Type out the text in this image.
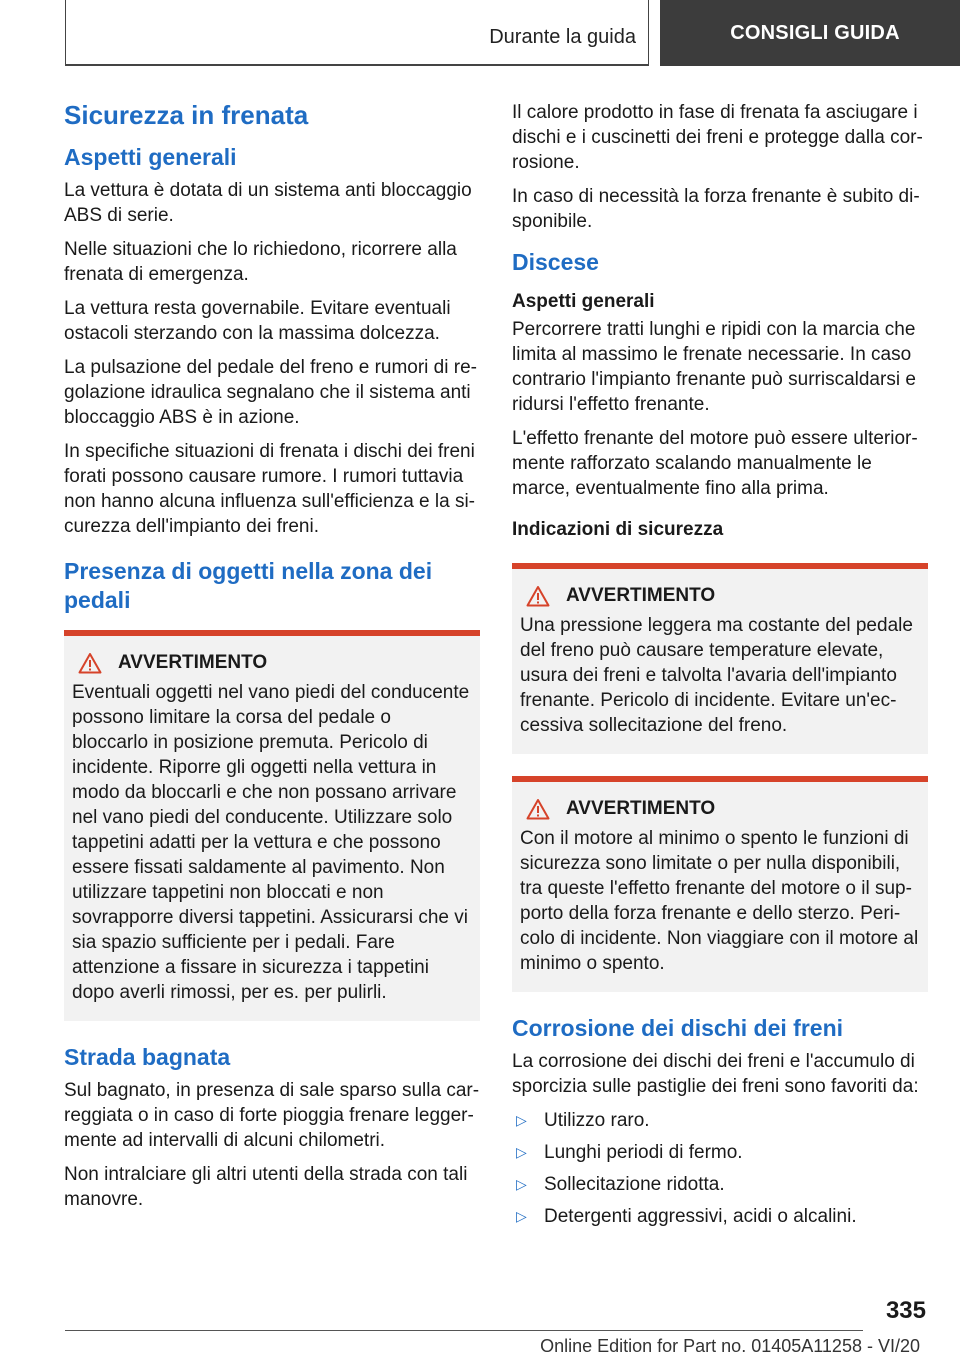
Durante la guida	CONSIGLI GUIDA
Sicurezza in frenata
Aspetti generali

La vettura è dotata di un sistema anti bloccaggio ABS di serie.

Nelle situazioni che lo richiedono, ricorrere alla frenata di emergenza.

La vettura resta governabile. Evitare eventuali ostacoli sterzando con la massima dolcezza.

La pulsazione del pedale del freno e rumori di regolazione idraulica segnalano che il sistema anti bloccaggio ABS è in azione.

In specifiche situazioni di frenata i dischi dei freni forati possono causare rumore. I rumori tuttavia non hanno alcuna influenza sull'efficienza e la sicurezza dell'impianto dei freni.

Presenza di oggetti nella zona dei pedali
AVVERTIMENTO

Eventuali oggetti nel vano piedi del conducente possono limitare la corsa del pedale o bloccarlo in posizione premuta. Pericolo di incidente. Riporre gli oggetti nella vettura in modo da bloccarli e che non possano arrivare nel vano piedi del conducente. Utilizzare solo tappetini adatti per la vettura e che possono essere fissati saldamente al pavimento. Non utilizzare tappetini non bloccati e non sovrapporre diversi tappetini. Assicurarsi che vi sia spazio sufficiente per i pedali. Fare attenzione a fissare in sicurezza i tappetini dopo averli rimossi, per es. per pulirli.

Strada bagnata

Sul bagnato, in presenza di sale sparso sulla carreggiata o in caso di forte pioggia frenare leggermente ad intervalli di alcuni chilometri.

Non intralciare gli altri utenti della strada con tali manovre.

Il calore prodotto in fase di frenata fa asciugare i dischi e i cuscinetti dei freni e protegge dalla corrosione.

In caso di necessità la forza frenante è subito disponibile.

Discese
Aspetti generali

Percorrere tratti lunghi e ripidi con la marcia che limita al massimo le frenate necessarie. In caso contrario l'impianto frenante può surriscaldarsi e ridursi l'effetto frenante.

L'effetto frenante del motore può essere ulteriormente rafforzato scalando manualmente le marce, eventualmente fino alla prima.

Indicazioni di sicurezza
AVVERTIMENTO

Una pressione leggera ma costante del pedale del freno può causare temperature elevate, usura dei freni e talvolta l'avaria dell'impianto frenante. Pericolo di incidente. Evitare un'eccessiva sollecitazione del freno.

AVVERTIMENTO

Con il motore al minimo o spento le funzioni di sicurezza sono limitate o per nulla disponibili, tra queste l'effetto frenante del motore o il supporto della forza frenante e dello sterzo. Pericolo di incidente. Non viaggiare con il motore al minimo o spento.

Corrosione dei dischi dei freni

La corrosione dei dischi dei freni e l'accumulo di sporcizia sulle pastiglie dei freni sono favoriti da:

▷ Utilizzo raro.
▷ Lunghi periodi di fermo.
▷ Sollecitazione ridotta.
▷ Detergenti aggressivi, acidi o alcalini.
335
Online Edition for Part no. 01405A11258 - VI/20
